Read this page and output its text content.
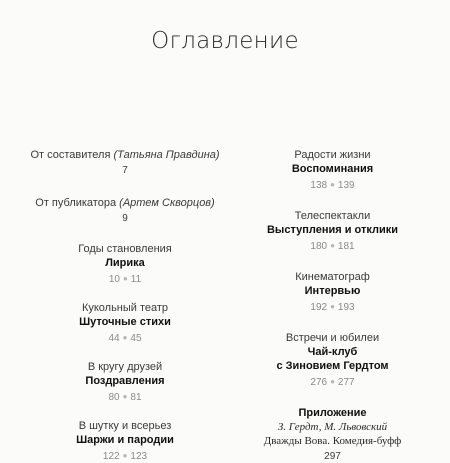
Оглавление
От составителя (Татьяна Правдина)
7
От публикатора (Артем Скворцов)
9
Годы становления
Лирика
10 ● 11
Кукольный театр
Шуточные стихи
44 ● 45
В кругу друзей
Поздравления
80 ● 81
В шутку и всерьез
Шаржи и пародии
122 ● 123
Радости жизни
Воспоминания
138 ● 139
Телеспектакли
Выступления и отклики
180 ● 181
Кинематограф
Интервью
192 ● 193
Встречи и юбилеи
Чай-клуб
с Зиновием Гердтом
276 ● 277
Приложение
З. Гердт, М. Львовский
Дважды Вова. Комедия-буфф
297
